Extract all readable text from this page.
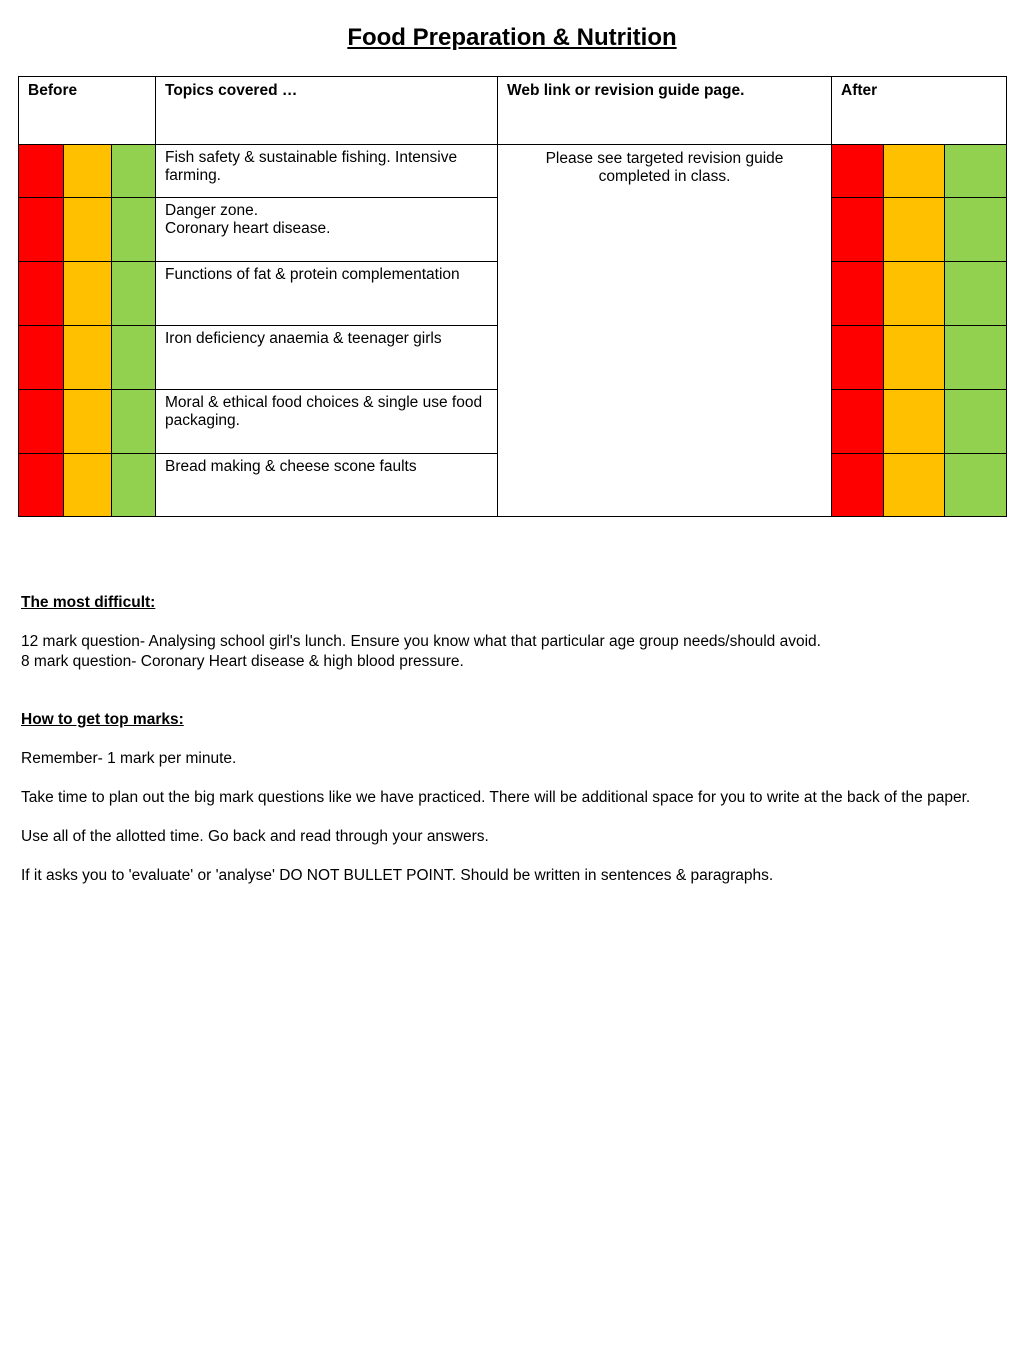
Food Preparation & Nutrition
Before			Topics covered …	Web link or revision guide page.	After		
			Fish safety & sustainable fishing. Intensive farming.	Please see targeted revision guide completed in class.			
			Danger zone.
Coronary heart disease.				
			Functions of fat & protein complementation				
			Iron deficiency anaemia & teenager girls				
			Moral & ethical food choices & single use food packaging.				
			Bread making & cheese scone faults				
The most difficult:

12 mark question- Analysing school girl's lunch. Ensure you know what that particular age group needs/should avoid.
8 mark question- Coronary Heart disease & high blood pressure.

How to get top marks:

Remember- 1 mark per minute.

Take time to plan out the big mark questions like we have practiced. There will be additional space for you to write at the back of the paper.

Use all of the allotted time. Go back and read through your answers.

If it asks you to 'evaluate' or 'analyse' DO NOT BULLET POINT. Should be written in sentences & paragraphs.
